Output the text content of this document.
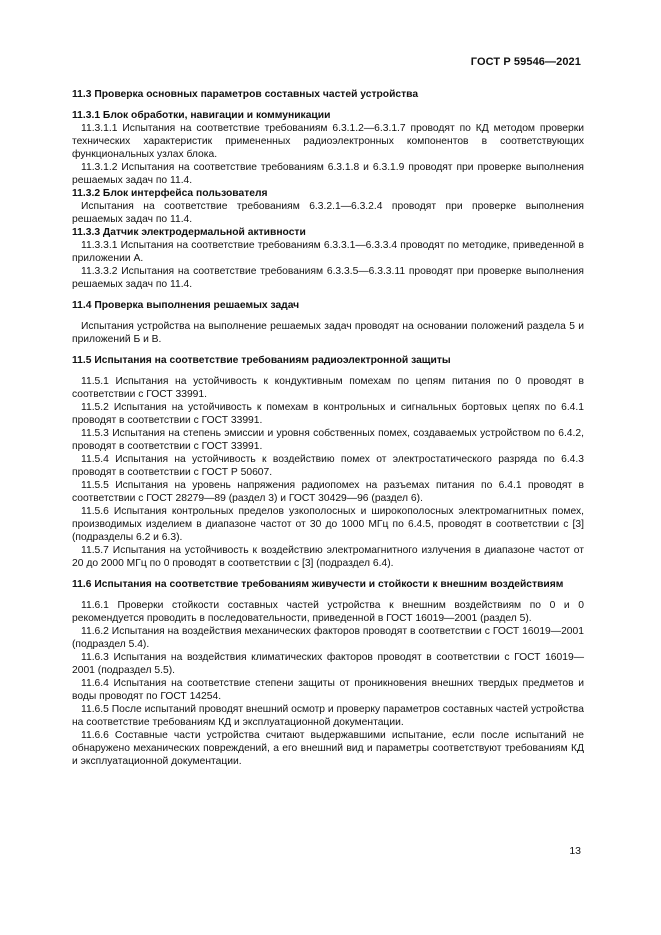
ГОСТ Р 59546—2021
11.3 Проверка основных параметров составных частей устройства
11.3.1 Блок обработки, навигации и коммуникации
11.3.1.1 Испытания на соответствие требованиям 6.3.1.2—6.3.1.7 проводят по КД методом проверки технических характеристик примененных радиоэлектронных компонентов в соответствующих функциональных узлах блока.
11.3.1.2 Испытания на соответствие требованиям 6.3.1.8 и 6.3.1.9 проводят при проверке выполнения решаемых задач по 11.4.
11.3.2 Блок интерфейса пользователя
Испытания на соответствие требованиям 6.3.2.1—6.3.2.4 проводят при проверке выполнения решаемых задач по 11.4.
11.3.3 Датчик электродермальной активности
11.3.3.1 Испытания на соответствие требованиям 6.3.3.1—6.3.3.4 проводят по методике, приведенной в приложении А.
11.3.3.2 Испытания на соответствие требованиям 6.3.3.5—6.3.3.11 проводят при проверке выполнения решаемых задач по 11.4.
11.4 Проверка выполнения решаемых задач
Испытания устройства на выполнение решаемых задач проводят на основании положений раздела 5 и приложений Б и В.
11.5 Испытания на соответствие требованиям радиоэлектронной защиты
11.5.1 Испытания на устойчивость к кондуктивным помехам по цепям питания по 0 проводят в соответствии с ГОСТ 33991.
11.5.2 Испытания на устойчивость к помехам в контрольных и сигнальных бортовых цепях по 6.4.1 проводят в соответствии с ГОСТ 33991.
11.5.3 Испытания на степень эмиссии и уровня собственных помех, создаваемых устройством по 6.4.2, проводят в соответствии с ГОСТ 33991.
11.5.4 Испытания на устойчивость к воздействию помех от электростатического разряда по 6.4.3 проводят в соответствии с ГОСТ Р 50607.
11.5.5 Испытания на уровень напряжения радиопомех на разъемах питания по 6.4.1 проводят в соответствии с ГОСТ 28279—89 (раздел 3) и ГОСТ 30429—96 (раздел 6).
11.5.6 Испытания контрольных пределов узкополосных и широкополосных электромагнитных помех, производимых изделием в диапазоне частот от 30 до 1000 МГц по 6.4.5, проводят в соответствии с [3] (подразделы 6.2 и 6.3).
11.5.7 Испытания на устойчивость к воздействию электромагнитного излучения в диапазоне частот от 20 до 2000 МГц по 0 проводят в соответствии с [3] (подраздел 6.4).
11.6 Испытания на соответствие требованиям живучести и стойкости к внешним воздействиям
11.6.1 Проверки стойкости составных частей устройства к внешним воздействиям по 0 и 0 рекомендуется проводить в последовательности, приведенной в ГОСТ 16019—2001 (раздел 5).
11.6.2 Испытания на воздействия механических факторов проводят в соответствии с ГОСТ 16019—2001 (подраздел 5.4).
11.6.3 Испытания на воздействия климатических факторов проводят в соответствии с ГОСТ 16019—2001 (подраздел 5.5).
11.6.4 Испытания на соответствие степени защиты от проникновения внешних твердых предметов и воды проводят по ГОСТ 14254.
11.6.5 После испытаний проводят внешний осмотр и проверку параметров составных частей устройства на соответствие требованиям КД и эксплуатационной документации.
11.6.6 Составные части устройства считают выдержавшими испытание, если после испытаний не обнаружено механических повреждений, а его внешний вид и параметры соответствуют требованиям КД и эксплуатационной документации.
13
